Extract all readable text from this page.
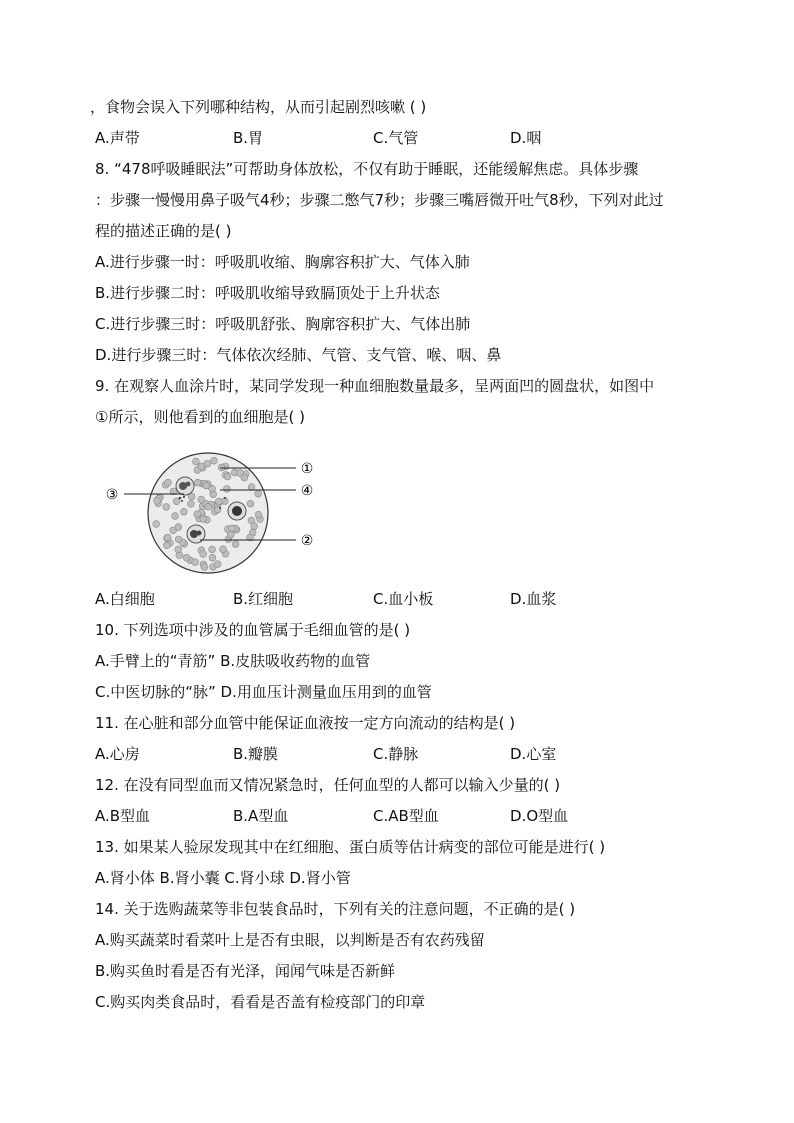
，食物会误入下列哪种结构，从而引起剧烈咳嗽 ( )
A.声带	B.胃	C.气管	D.咽
8. “478呼吸睡眠法”可帮助身体放松，不仅有助于睡眠，还能缓解焦虑。具体步骤
：步骤一慢慢用鼻子吸气4秒；步骤二憋气7秒；步骤三嘴唇微开吐气8秒，下列对此过
程的描述正确的是( )
A.进行步骤一时：呼吸肌收缩、胸廓容积扩大、气体入肺
B.进行步骤二时：呼吸肌收缩导致膈顶处于上升状态
C.进行步骤三时：呼吸肌舒张、胸廓容积扩大、气体出肺
D.进行步骤三时：气体依次经肺、气管、支气管、喉、咽、鼻
9. 在观察人血涂片时，某同学发现一种血细胞数量最多，呈两面凹的圆盘状，如图中
①所示，则他看到的血细胞是( )
①
④
③
②
A.白细胞	B.红细胞	C.血小板	D.血浆
10. 下列选项中涉及的血管属于毛细血管的是( )
A.手臂上的“青筋” B.皮肤吸收药物的血管
C.中医切脉的“脉” D.用血压计测量血压用到的血管
11. 在心脏和部分血管中能保证血液按一定方向流动的结构是( )
A.心房	B.瓣膜	C.静脉	D.心室
12. 在没有同型血而又情况紧急时，任何血型的人都可以输入少量的( )
A.B型血	B.A型血	C.AB型血	D.O型血
13. 如果某人验尿发现其中在红细胞、蛋白质等估计病变的部位可能是进行( )
A.肾小体 B.肾小囊 C.肾小球 D.肾小管
14. 关于选购蔬菜等非包装食品时，下列有关的注意问题，不正确的是( )
A.购买蔬菜时看菜叶上是否有虫眼，以判断是否有农药残留
B.购买鱼时看是否有光泽，闻闻气味是否新鲜
C.购买肉类食品时，看看是否盖有检疫部门的印章
